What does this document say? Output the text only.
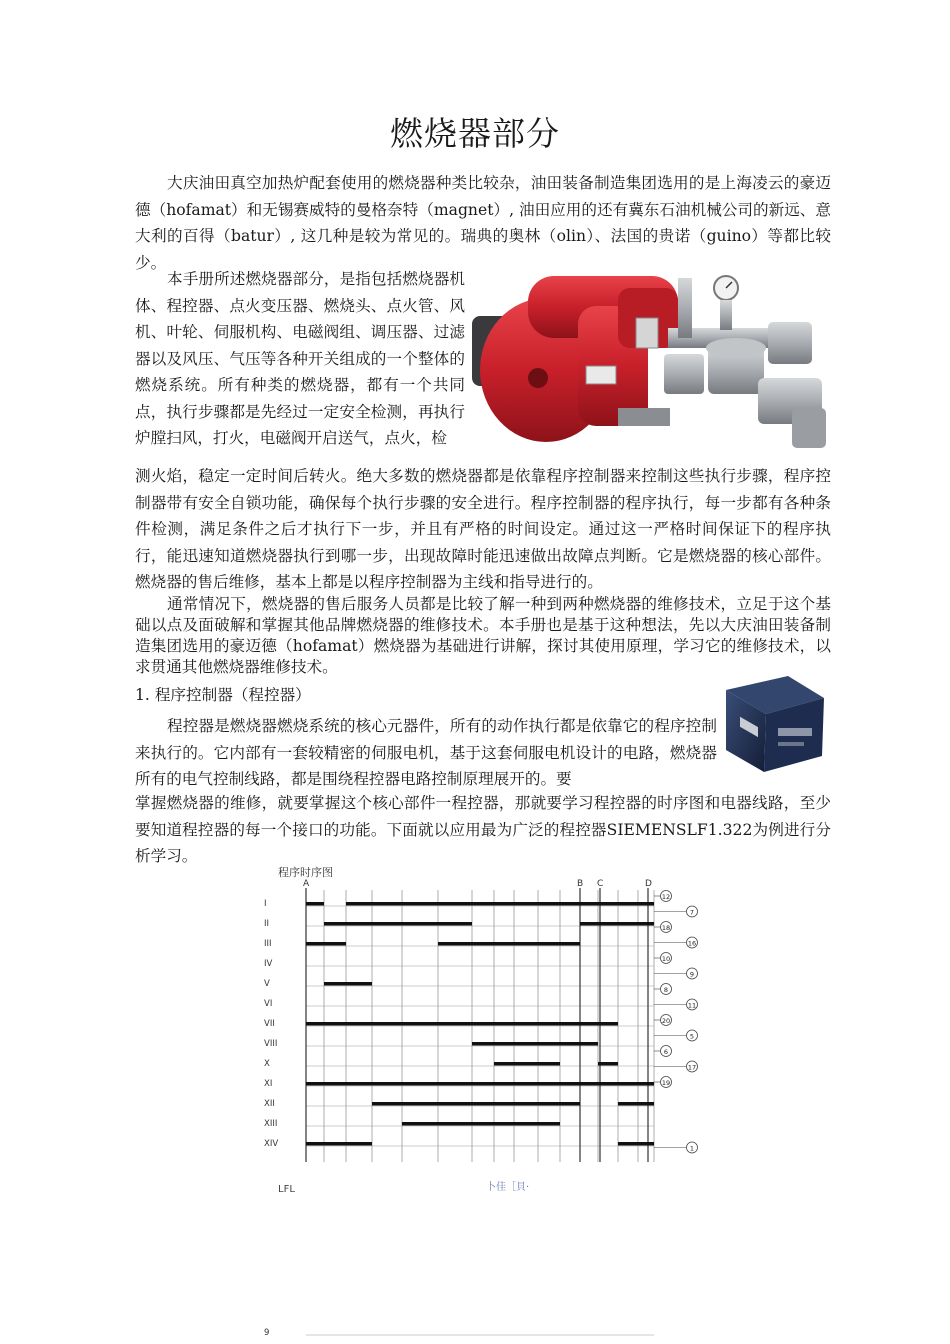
燃烧器部分

大庆油田真空加热炉配套使用的燃烧器种类比较杂，油田装备制造集团选用的是上海凌云的豪迈德（hofamat）和无锡赛威特的曼格奈特（magnet）, 油田应用的还有冀东石油机械公司的新远、意大利的百得（batur）, 这几种是较为常见的。瑞典的奥林（olin）、法国的贵诺（guino）等都比较少。

本手册所述燃烧器部分，是指包括燃烧器机体、程控器、点火变压器、燃烧头、点火管、风机、叶轮、伺服机构、电磁阀组、调压器、过滤器以及风压、气压等各种开关组成的一个整体的燃烧系统。所有种类的燃烧器，都有一个共同点，执行步骤都是先经过一定安全检测，再执行炉膛扫风，打火，电磁阀开启送气，点火，检

测火焰，稳定一定时间后转火。绝大多数的燃烧器都是依靠程序控制器来控制这些执行步骤，程序控制器带有安全自锁功能，确保每个执行步骤的安全进行。程序控制器的程序执行，每一步都有各种条件检测，满足条件之后才执行下一步，并且有严格的时间设定。通过这一严格时间保证下的程序执行，能迅速知道燃烧器执行到哪一步，出现故障时能迅速做出故障点判断。它是燃烧器的核心部件。燃烧器的售后维修，基本上都是以程序控制器为主线和指导进行的。

通常情况下，燃烧器的售后服务人员都是比较了解一种到两种燃烧器的维修技术，立足于这个基础以点及面破解和掌握其他品牌燃烧器的维修技术。本手册也是基于这种想法，先以大庆油田装备制造集团选用的豪迈德（hofamat）燃烧器为基础进行讲解，探讨其使用原理，学习它的维修技术，以求贯通其他燃烧器维修技术。

1. 程序控制器（程控器）

程控器是燃烧器燃烧系统的核心元器件，所有的动作执行都是依靠它的程序控制来执行的。它内部有一套较精密的伺服电机，基于这套伺服电机设计的电路，燃烧器所有的电气控制线路，都是围绕程控器电路控制原理展开的。要

掌握燃烧器的维修，就要掌握这个核心部件一程控器，那就要学习程控器的时序图和电器线路，至少要知道程控器的每一个接口的功能。下面就以应用最为广泛的程控器SIEMENSLF1.322为例进行分析学习。

程序时序图
I
II
III
IV
V
VI
VII
VIII
X
XI
XII
XIII
XIV
9
A	B C	D
12
7
18
16
10
9
8
11
20
5
6
17
19
1
LFL	卜佳［貝·
